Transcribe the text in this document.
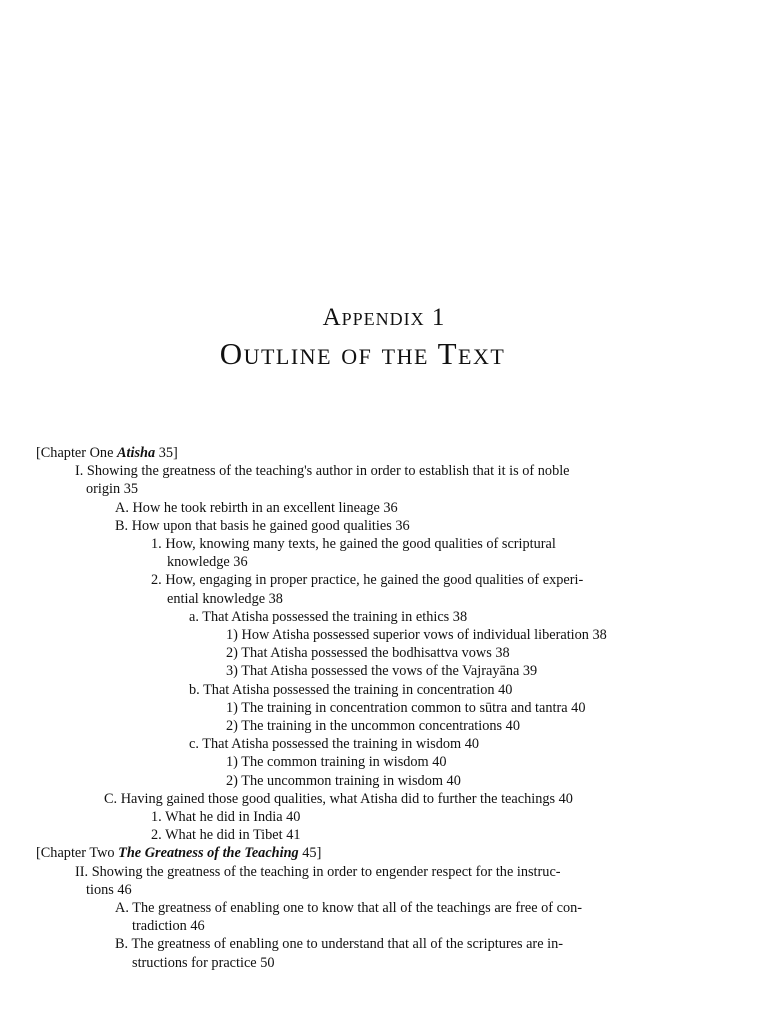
Appendix 1
Outline of the Text
[Chapter One Atisha 35]
I. Showing the greatness of the teaching's author in order to establish that it is of noble
origin 35
A. How he took rebirth in an excellent lineage 36
B. How upon that basis he gained good qualities 36
1. How, knowing many texts, he gained the good qualities of scriptural
knowledge 36
2. How, engaging in proper practice, he gained the good qualities of experi-
ential knowledge 38
a. That Atisha possessed the training in ethics 38
1) How Atisha possessed superior vows of individual liberation 38
2) That Atisha possessed the bodhisattva vows 38
3) That Atisha possessed the vows of the Vajrayāna 39
b. That Atisha possessed the training in concentration 40
1) The training in concentration common to sūtra and tantra 40
2) The training in the uncommon concentrations 40
c. That Atisha possessed the training in wisdom 40
1) The common training in wisdom 40
2) The uncommon training in wisdom 40
C. Having gained those good qualities, what Atisha did to further the teachings 40
1. What he did in India 40
2. What he did in Tibet 41
[Chapter Two The Greatness of the Teaching 45]
II. Showing the greatness of the teaching in order to engender respect for the instruc-
tions 46
A. The greatness of enabling one to know that all of the teachings are free of con-
tradiction 46
B. The greatness of enabling one to understand that all of the scriptures are in-
structions for practice 50
